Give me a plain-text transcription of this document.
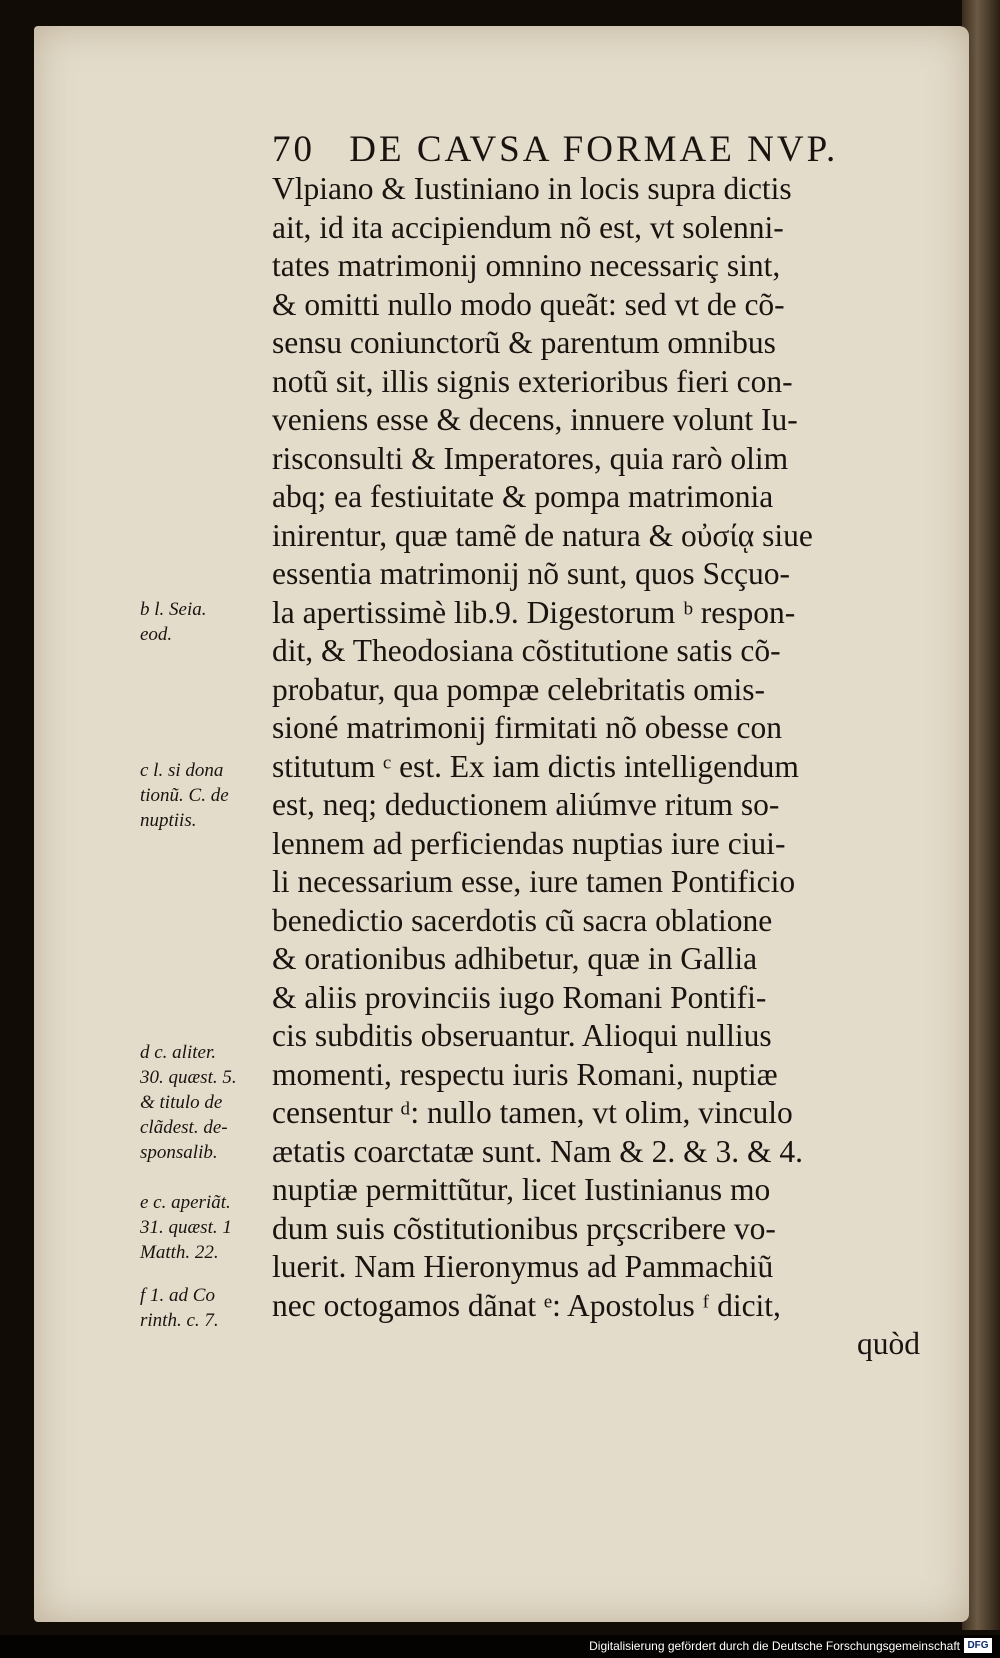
70 DE CAVSA FORMAE NVP.
Vlpiano & Iustiniano in locis supra dictis
ait, id ita accipiendum nõ est, vt solenni-
tates matrimonij omnino necessariç sint,
& omitti nullo modo queãt: sed vt de cõ-
sensu coniunctorũ & parentum omnibus
notũ sit, illis signis exterioribus fieri con-
veniens esse & decens, innuere volunt Iu-
risconsulti & Imperatores, quia rarò olim
abq; ea festiuitate & pompa matrimonia
inirentur, quæ tamẽ de natura & οὐσίᾳ siue
essentia matrimonij nõ sunt, quos Scçuo-
la apertissimè lib.9. Digestorum ᵇ respon-
dit, & Theodosiana cõstitutione satis cõ-
probatur, qua pompæ celebritatis omis-
sioné matrimonij firmitati nõ obesse con
stitutum ᶜ est. Ex iam dictis intelligendum
est, neq; deductionem aliúmve ritum so-
lennem ad perficiendas nuptias iure ciui-
li necessarium esse, iure tamen Pontificio
benedictio sacerdotis cũ sacra oblatione
& orationibus adhibetur, quæ in Gallia
& aliis provinciis iugo Romani Pontifi-
cis subditis obseruantur. Alioqui nullius
momenti, respectu iuris Romani, nuptiæ
censentur ᵈ: nullo tamen, vt olim, vinculo
ætatis coarctatæ sunt. Nam & 2. & 3. & 4.
nuptiæ permittũtur, licet Iustinianus mo
dum suis cõstitutionibus prçscribere vo-
luerit. Nam Hieronymus ad Pammachiũ
nec octogamos dãnat ᵉ: Apostolus ᶠ dicit,
quòd
b l. Seia.
eod.
c l. si dona
tionũ. C. de
nuptiis.
d c. aliter.
30. quæst. 5.
& titulo de
clãdest. de-
sponsalib.
e c. aperiãt.
31. quæst. 1
Matth. 22.
f 1. ad Co
rinth. c. 7.
Digitalisierung gefördert durch die Deutsche Forschungsgemeinschaft DFG
